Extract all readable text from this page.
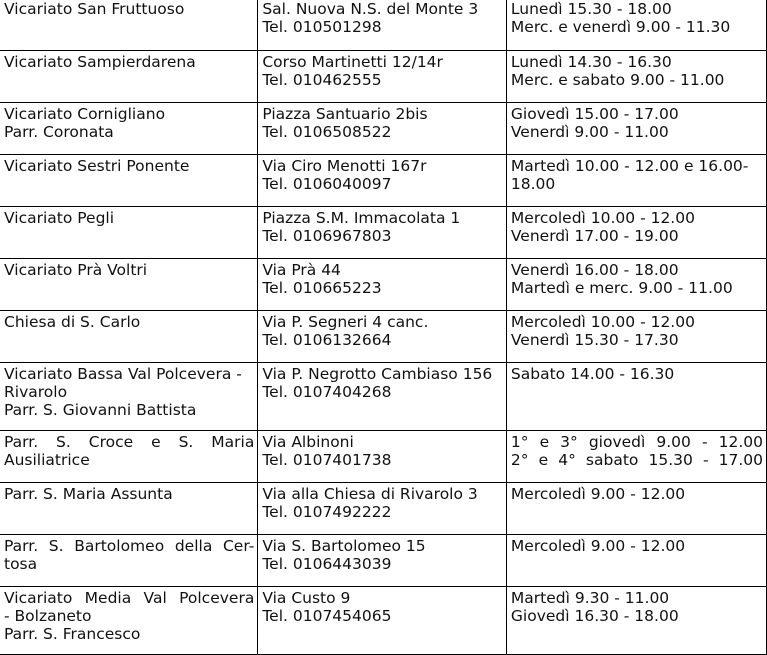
Vicariato San Fruttuoso	Sal. Nuova N.S. del Monte 3
Tel. 010501298	Lunedì 15.30 - 18.00
Merc. e venerdì 9.00 - 11.30

Vicariato Sampierdarena	Corso Martinetti 12/14r
Tel. 010462555	Lunedì 14.30 - 16.30
Merc. e sabato 9.00 - 11.00

Vicariato Cornigliano
Parr. Coronata	Piazza Santuario 2bis
Tel. 0106508522	Giovedì 15.00 - 17.00
Venerdì 9.00 - 11.00

Vicariato Sestri Ponente	Via Ciro Menotti 167r
Tel. 0106040097	Martedì 10.00 - 12.00 e 16.00-
18.00

Vicariato Pegli	Piazza S.M. Immacolata 1
Tel. 0106967803	Mercoledì 10.00 - 12.00
Venerdì 17.00 - 19.00

Vicariato Prà Voltri	Via Prà 44
Tel. 010665223	Venerdì 16.00 - 18.00
Martedì e merc. 9.00 - 11.00

Chiesa di S. Carlo	Via P. Segneri 4 canc.
Tel. 0106132664	Mercoledì 10.00 - 12.00
Venerdì 15.30 - 17.30

Vicariato Bassa Val Polcevera -
Rivarolo
Parr. S. Giovanni Battista	Via P. Negrotto Cambiaso 156
Tel. 0107404268	Sabato 14.00 - 16.30

Parr. S. Croce e S. Maria
Ausiliatrice	Via Albinoni
Tel. 0107401738	1° e 3° giovedì 9.00 - 12.00
2° e 4° sabato 15.30 - 17.00

Parr. S. Maria Assunta	Via alla Chiesa di Rivarolo 3
Tel. 0107492222	Mercoledì 9.00 - 12.00

Parr. S. Bartolomeo della Cer-
tosa	Via S. Bartolomeo 15
Tel. 0106443039	Mercoledì 9.00 - 12.00

Vicariato Media Val Polcevera
- Bolzaneto
Parr. S. Francesco	Via Custo 9
Tel. 0107454065	Martedì 9.30 - 11.00
Giovedì 16.30 - 18.00
